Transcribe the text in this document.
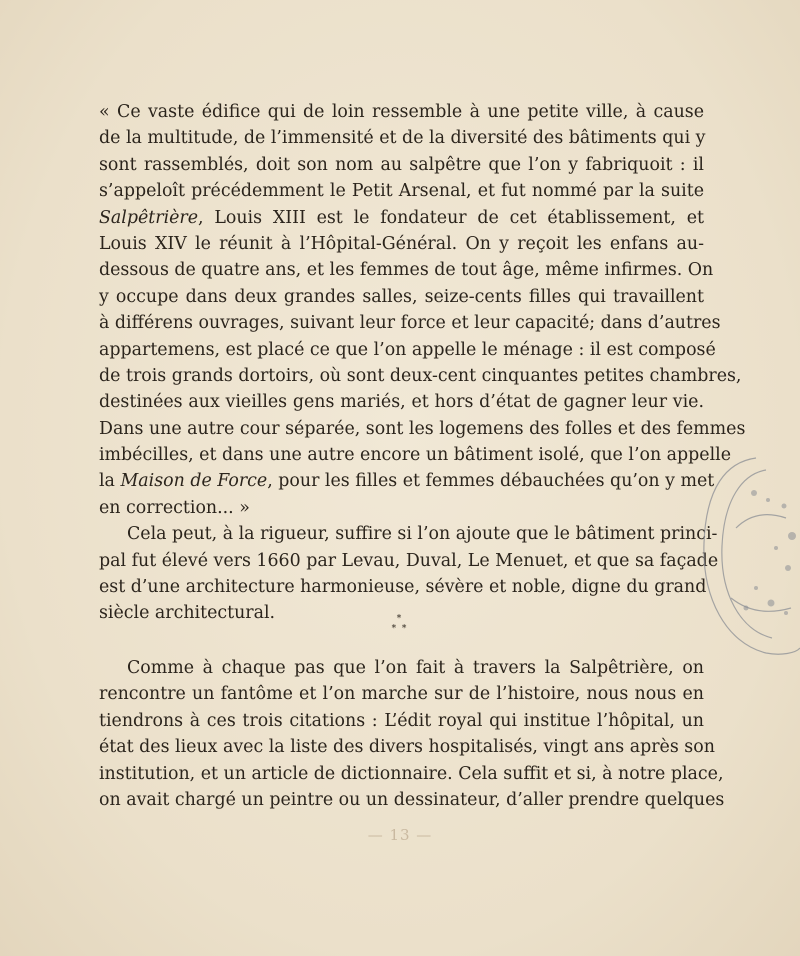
« Ce vaste édifice qui de loin ressemble à une petite ville, à cause
de la multitude, de l’immensité et de la diversité des bâtiments qui y
sont rassemblés, doit son nom au salpêtre que l’on y fabriquoit : il
s’appeloît précédemment le Petit Arsenal, et fut nommé par la suite
Salpêtrière, Louis XIII est le fondateur de cet établissement, et
Louis XIV le réunit à l’Hôpital-Général. On y reçoit les enfans au-
dessous de quatre ans, et les femmes de tout âge, même infirmes. On
y occupe dans deux grandes salles, seize-cents filles qui travaillent
à différens ouvrages, suivant leur force et leur capacité; dans d’autres
appartemens, est placé ce que l’on appelle le ménage : il est composé
de trois grands dortoirs, où sont deux-cent cinquantes petites chambres,
destinées aux vieilles gens mariés, et hors d’état de gagner leur vie.
Dans une autre cour séparée, sont les logemens des folles et des femmes
imbécilles, et dans une autre encore un bâtiment isolé, que l’on appelle
la Maison de Force, pour les filles et femmes débauchées qu’on y met
en correction... »
Cela peut, à la rigueur, suffire si l’on ajoute que le bâtiment princi-
pal fut élevé vers 1660 par Levau, Duval, Le Menuet, et que sa façade
est d’une architecture harmonieuse, sévère et noble, digne du grand
siècle architectural.	*
*  *
Comme à chaque pas que l’on fait à travers la Salpêtrière, on
rencontre un fantôme et l’on marche sur de l’histoire, nous nous en
tiendrons à ces trois citations : L’édit royal qui institue l’hôpital, un
état des lieux avec la liste des divers hospitalisés, vingt ans après son
institution, et un article de dictionnaire. Cela suffit et si, à notre place,
on avait chargé un peintre ou un dessinateur, d’aller prendre quelques
— 13 —
